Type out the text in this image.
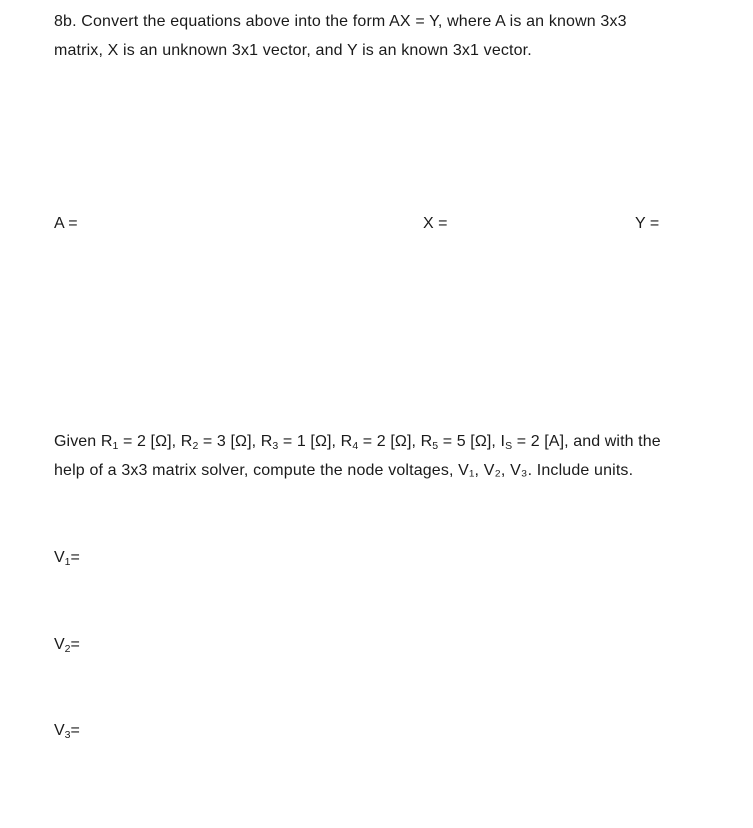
8b. Convert the equations above into the form AX = Y, where A is an known 3x3
matrix, X is an unknown 3x1 vector, and Y is an known 3x1 vector.
A =	X =	Y =
Given $R_1 = 2$ [Ω], $R_2 = 3$ [Ω], $R_3 = 1$ [Ω], $R_4 = 2$ [Ω], $R_5 = 5$ [Ω], $I_S = 2$ [A], and with the
help of a 3x3 matrix solver, compute the node voltages, V₁, V₂, V₃. Include units.
$V_1=$
$V_2=$
$V_3=$
